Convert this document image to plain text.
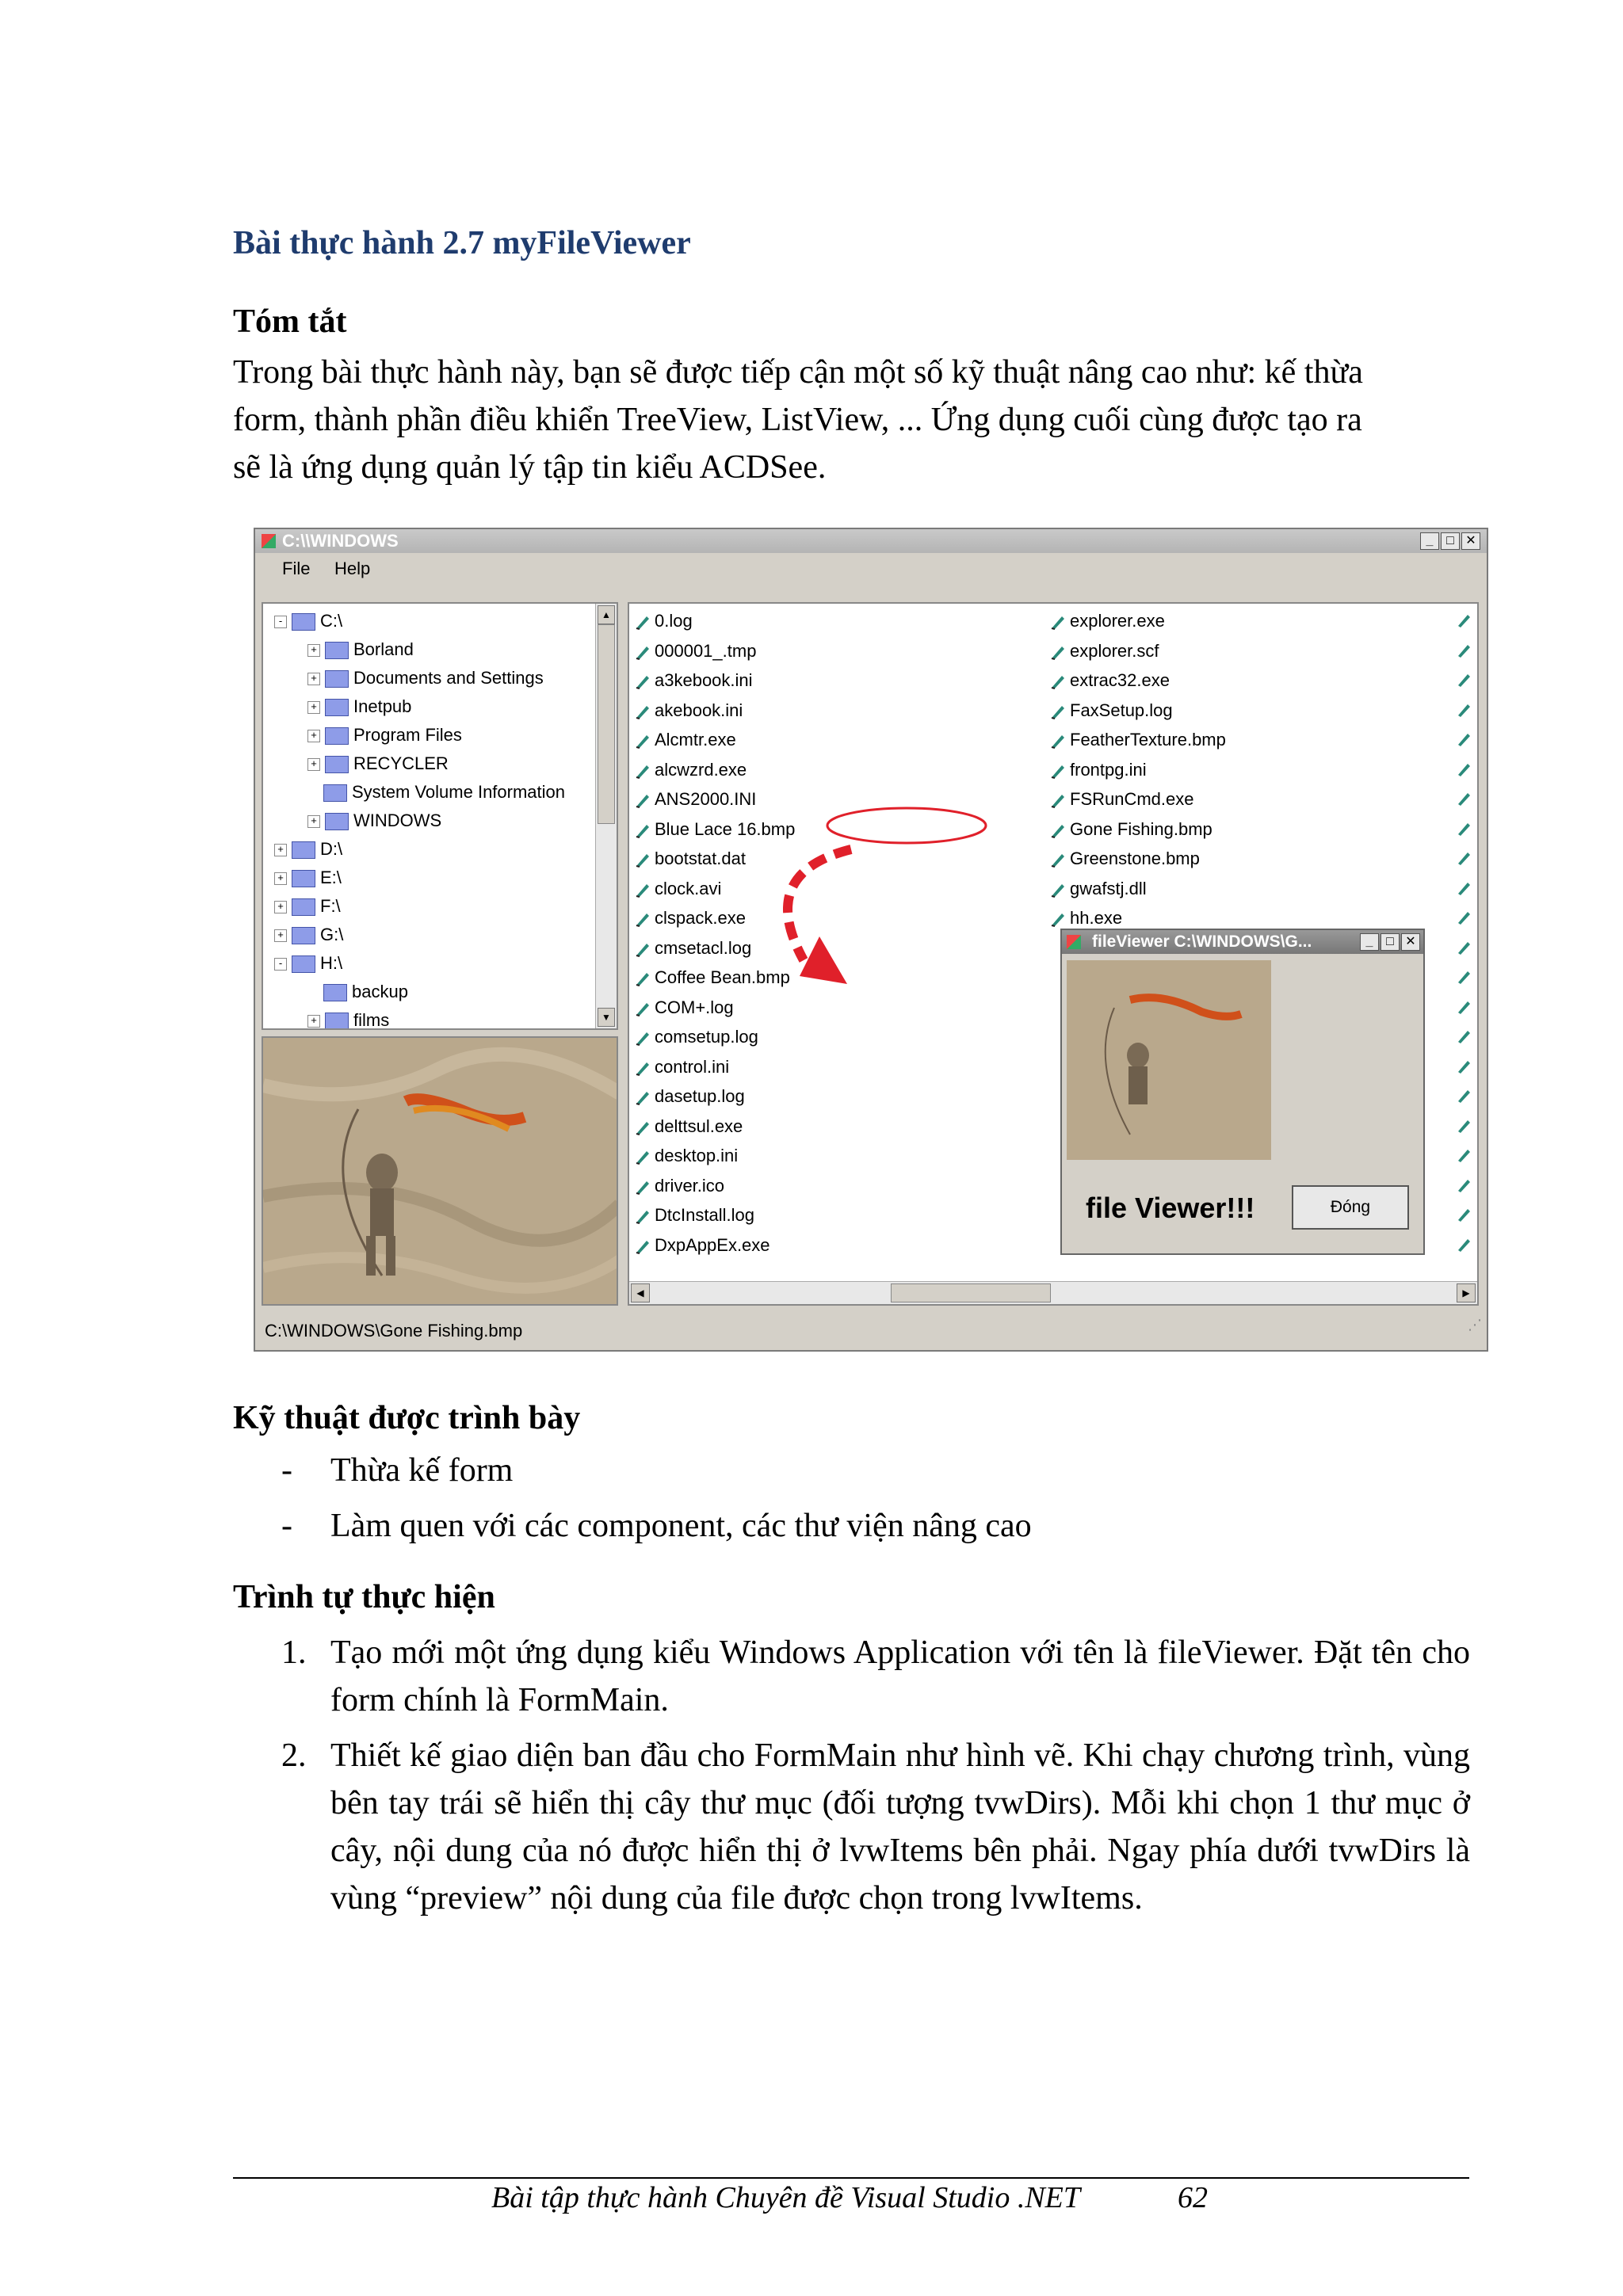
Bài thực hành 2.7 myFileViewer
Tóm tắt
Trong bài thực hành này, bạn sẽ được tiếp cận một số kỹ thuật nâng cao như: kế thừa
form, thành phần điều khiển TreeView, ListView, ... Ứng dụng cuối cùng được tạo ra
sẽ là ứng dụng quản lý tập tin kiểu ACDSee.
C:\\WINDOWS	_	□ ✕
File Help
▲
▼
- C:\
+ Borland
+ Documents and Settings
+ Inetpub
+ Program Files
+ RECYCLER
System Volume Information
+ WINDOWS
+ D:\
+ E:\
+ F:\
+ G:\
- H:\
backup
+ films
◀	▶
0.log
000001_.tmp
a3kebook.ini
akebook.ini
Alcmtr.exe
alcwzrd.exe
ANS2000.INI
Blue Lace 16.bmp
bootstat.dat
clock.avi
clspack.exe
cmsetacl.log
Coffee Bean.bmp
COM+.log
comsetup.log
control.ini
dasetup.log
delttsul.exe
desktop.ini
driver.ico
DtcInstall.log
DxpAppEx.exe
explorer.exe
explorer.scf
extrac32.exe
FaxSetup.log
FeatherTexture.bmp
frontpg.ini
FSRunCmd.exe
Gone Fishing.bmp
Greenstone.bmp
gwafstj.dll
hh.exe
fileViewer C:\WINDOWS\G...	_	□ ✕
file Viewer!!!	Đóng
C:\WINDOWS\Gone Fishing.bmp	⋰
Kỹ thuật được trình bày
- Thừa kế form
- Làm quen với các component, các thư viện nâng cao
Trình tự thực hiện
1. Tạo mới một ứng dụng kiểu Windows Application với tên là fileViewer. Đặt tên cho form chính là FormMain.
2. Thiết kế giao diện ban đầu cho FormMain như hình vẽ. Khi chạy chương trình, vùng bên tay trái sẽ hiển thị cây thư mục (đối tượng tvwDirs). Mỗi khi chọn 1 thư mục ở cây, nội dung của nó được hiển thị ở lvwItems bên phải. Ngay phía dưới tvwDirs là vùng “preview” nội dung của file được chọn trong lvwItems.
Bài tập thực hành Chuyên đề Visual Studio .NET	62
